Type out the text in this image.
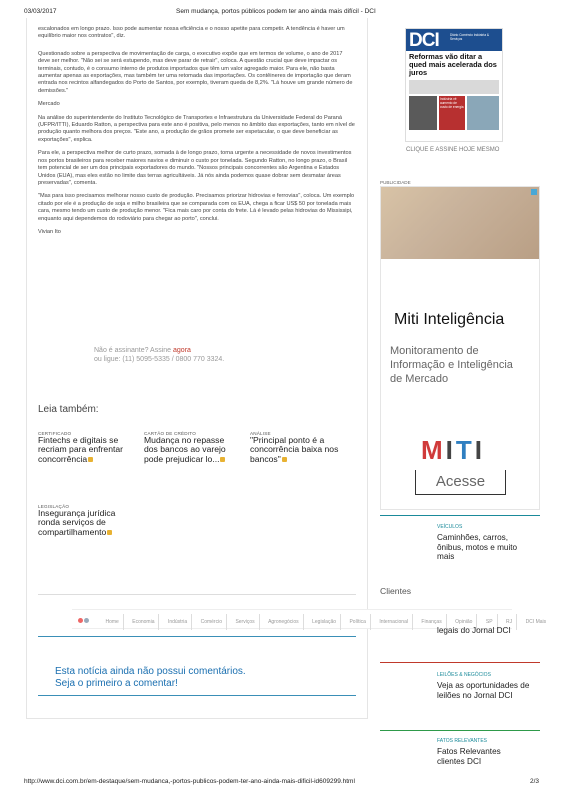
03/03/2017	Sem mudança, portos públicos podem ter ano ainda mais difícil - DCI

escalonados em longo prazo. Isso pode aumentar nossa eficiência e o nosso apetite para competir. A tendência é haver um equilíbrio maior nos contratos", diz.

Questionado sobre a perspectiva de movimentação de carga, o executivo expõe que em termos de volume, o ano de 2017 deve ser melhor. "Não sei se será estupendo, mas deve parar de retrair", coloca. A questão crucial que deve impactar os terminais, contudo, é o consumo interno de produtos importados que têm um valor agregado maior. Para ele, não basta aumentar apenas as exportações, mas também ter uma retomada das importações. Os contêineres de importação que deram entrada nos recintos alfandegados do Porto de Santos, por exemplo, tiveram queda de 8,2%. "Lá houve um grande número de demissões."

Mercado

Na análise do superintendente do Instituto Tecnológico de Transportes e Infraestrutura da Universidade Federal do Paraná (UFPR/ITTI), Eduardo Ratton, a perspectiva para este ano é positiva, pelo menos no âmbito das exportações, tanto em nível de produção quanto melhora dos preços. "Este ano, a produção de grãos promete ser espetacular, o que deve beneficiar as exportações", explica.

Para ele, a perspectiva melhor de curto prazo, somada à de longo prazo, torna urgente a necessidade de novos investimentos nos portos brasileiros para receber maiores navios e diminuir o custo por tonelada. Segundo Ratton, no longo prazo, o Brasil tem potencial de ser um dos principais exportadores do mundo. "Nossos principais concorrentes são Argentina e Estados Unidos (EUA), mas eles estão no limite das terras agricultáveis. Já nós ainda podemos quase dobrar sem desmatar áreas preservadas", comenta.

"Mas para isso precisamos melhorar nosso custo de produção. Precisamos priorizar hidrovias e ferrovias", coloca. Um exemplo citado por ele é a produção de soja e milho brasileira que se comparada com os EUA, chega a ficar US$ 50 por tonelada mais cara, mesmo tendo um custo de produção menor. "Fica mais caro por conta do frete. Lá é levado pelas hidrovias do Mississipi, enquanto aqui dependemos do rodoviário para chegar ao porto", conclui.

Vivian Ito

Não é assinante? Assine agora
ou ligue: (11) 5095-5335 / 0800 770 3324.
Leia também:
CERTIFICADO
Fintechs e digitais se recriam para enfrentar concorrência
CARTÃO DE CRÉDITO
Mudança no repasse dos bancos ao varejo pode prejudicar lo...
ANÁLISE
"Principal ponto é a concorrência baixa nos bancos"
LEGISLAÇÃO
Insegurança jurídica ronda serviços de compartilhamento
Home	Economia	Indústria	Comércio	Serviços	Agronegócios	Legislação	Política	Internacional	Finanças	Opinião	SP	RJ	DCI Mais
Esta notícia ainda não possui comentários.
Seja o primeiro a comentar!
DCI	Diário Comércio Indústria & Serviços
Reformas vão ditar a qued mais acelerada dos juros
Indústria vê aumento de custo de energia
CLIQUE E ASSINE HOJE MESMO
PUBLICIDADE
Miti Inteligência
Monitoramento de Informação e Inteligência de Mercado
MITI
Acesse
VEÍCULOS
Caminhões, carros, ônibus, motos e muito mais
Clientes
legais do Jornal DCI
LEILÕES & NEGÓCIOS
Veja as oportunidades de leilões no Jornal DCI
FATOS RELEVANTES
Fatos Relevantes clientes DCI
http://www.dci.com.br/em-destaque/sem-mudanca,-portos-publicos-podem-ter-ano-ainda-mais-dificil-id609299.html	2/3
